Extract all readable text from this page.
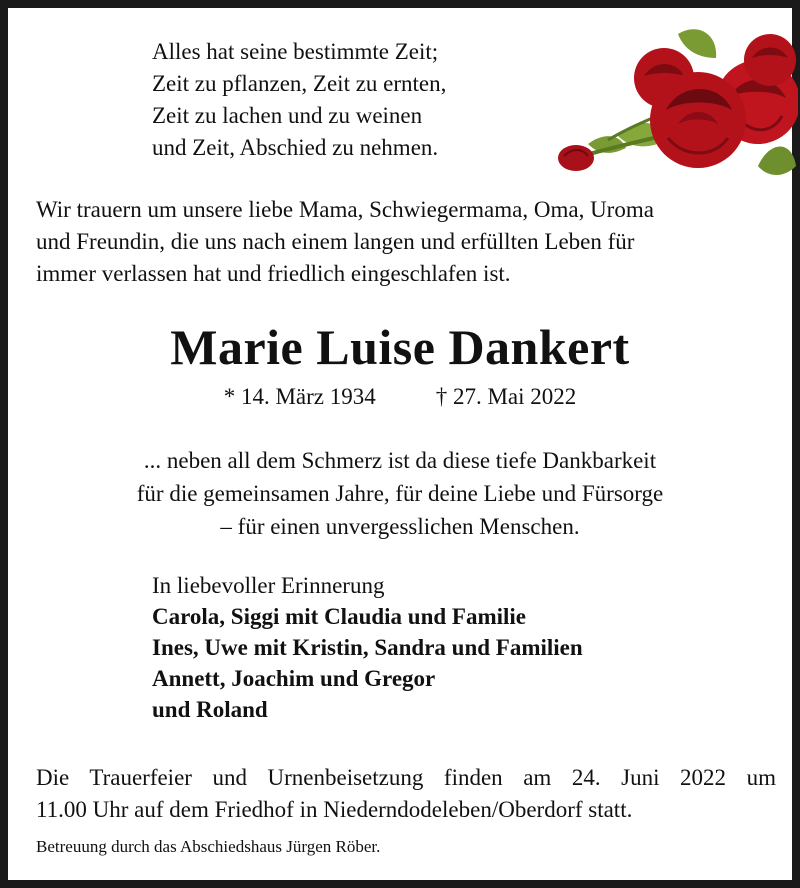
Alles hat seine bestimmte Zeit;
Zeit zu pflanzen, Zeit zu ernten,
Zeit zu lachen und zu weinen
und Zeit, Abschied zu nehmen.
Wir trauern um unsere liebe Mama, Schwiegermama, Oma, Uroma
und Freundin, die uns nach einem langen und erfüllten Leben für
immer verlassen hat und friedlich eingeschlafen ist.
Marie Luise Dankert
* 14. März 1934	† 27. Mai 2022
... neben all dem Schmerz ist da diese tiefe Dankbarkeit
für die gemeinsamen Jahre, für deine Liebe und Fürsorge
– für einen unvergesslichen Menschen.
In liebevoller Erinnerung
Carola, Siggi mit Claudia und Familie
Ines, Uwe mit Kristin, Sandra und Familien
Annett, Joachim und Gregor
und Roland
Die Trauerfeier und Urnenbeisetzung finden am 24. Juni 2022 um
11.00 Uhr auf dem Friedhof in Niederndodeleben/Oberdorf statt.
Betreuung durch das Abschiedshaus Jürgen Röber.
